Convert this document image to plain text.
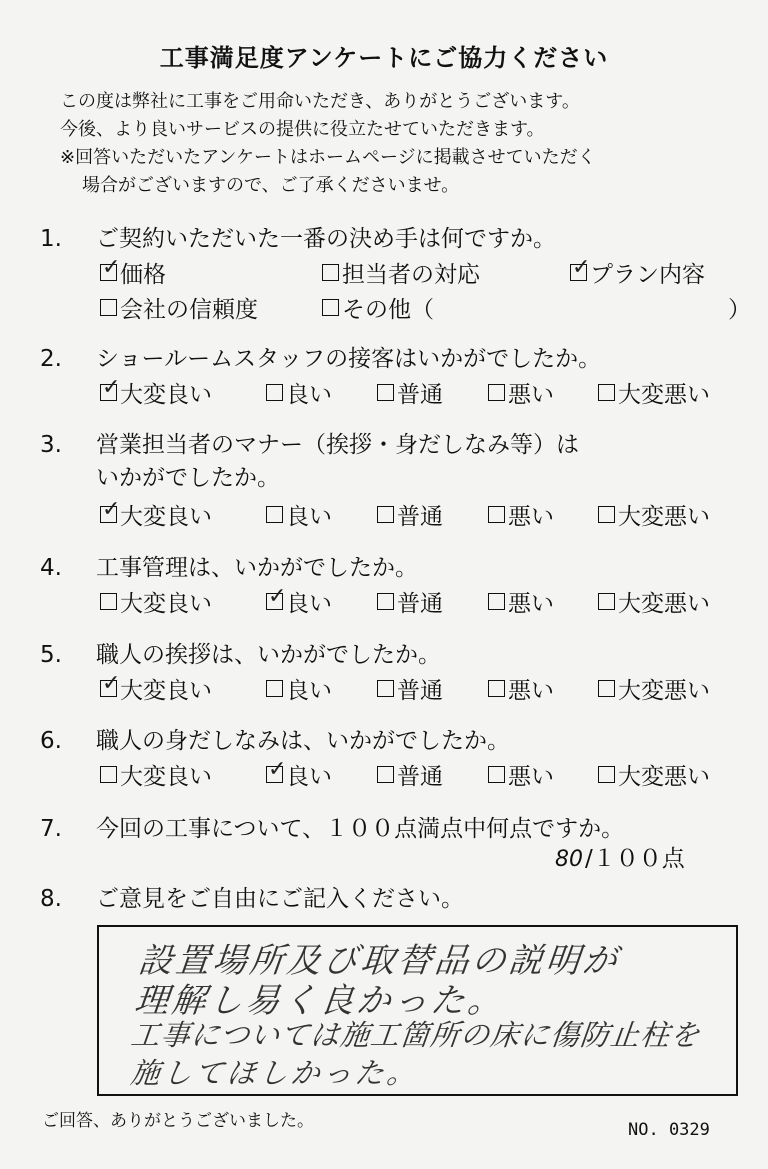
工事満足度アンケートにご協力ください
この度は弊社に工事をご用命いただき、ありがとうございます。
今後、より良いサービスの提供に役立たせていただきます。
※回答いただいたアンケートはホームページに掲載させていただく
場合がございますので、ご了承くださいませ。
1. ご契約いただいた一番の決め手は何ですか。
✓ 価格	担当者の対応	✓ プラン内容
会社の信頼度	その他（	）
2. ショールームスタッフの接客はいかがでしたか。
✓ 大変良い	良い	普通	悪い	大変悪い
3. 営業担当者のマナー（挨拶・身だしなみ等）は
いかがでしたか。
✓ 大変良い	良い	普通	悪い	大変悪い
4. 工事管理は、いかがでしたか。
大変良い	✓ 良い	普通	悪い	大変悪い
5. 職人の挨拶は、いかがでしたか。
✓ 大変良い	良い	普通	悪い	大変悪い
6. 職人の身だしなみは、いかがでしたか。
大変良い	✓ 良い	普通	悪い	大変悪い
7. 今回の工事について、１００点満点中何点ですか。
80/１００点
8. ご意見をご自由にご記入ください。
設置場所及び取替品の説明が
理解し易く良かった。
工事については施工箇所の床に傷防止柱を
施してほしかった。
ご回答、ありがとうございました。	NO. 0329
